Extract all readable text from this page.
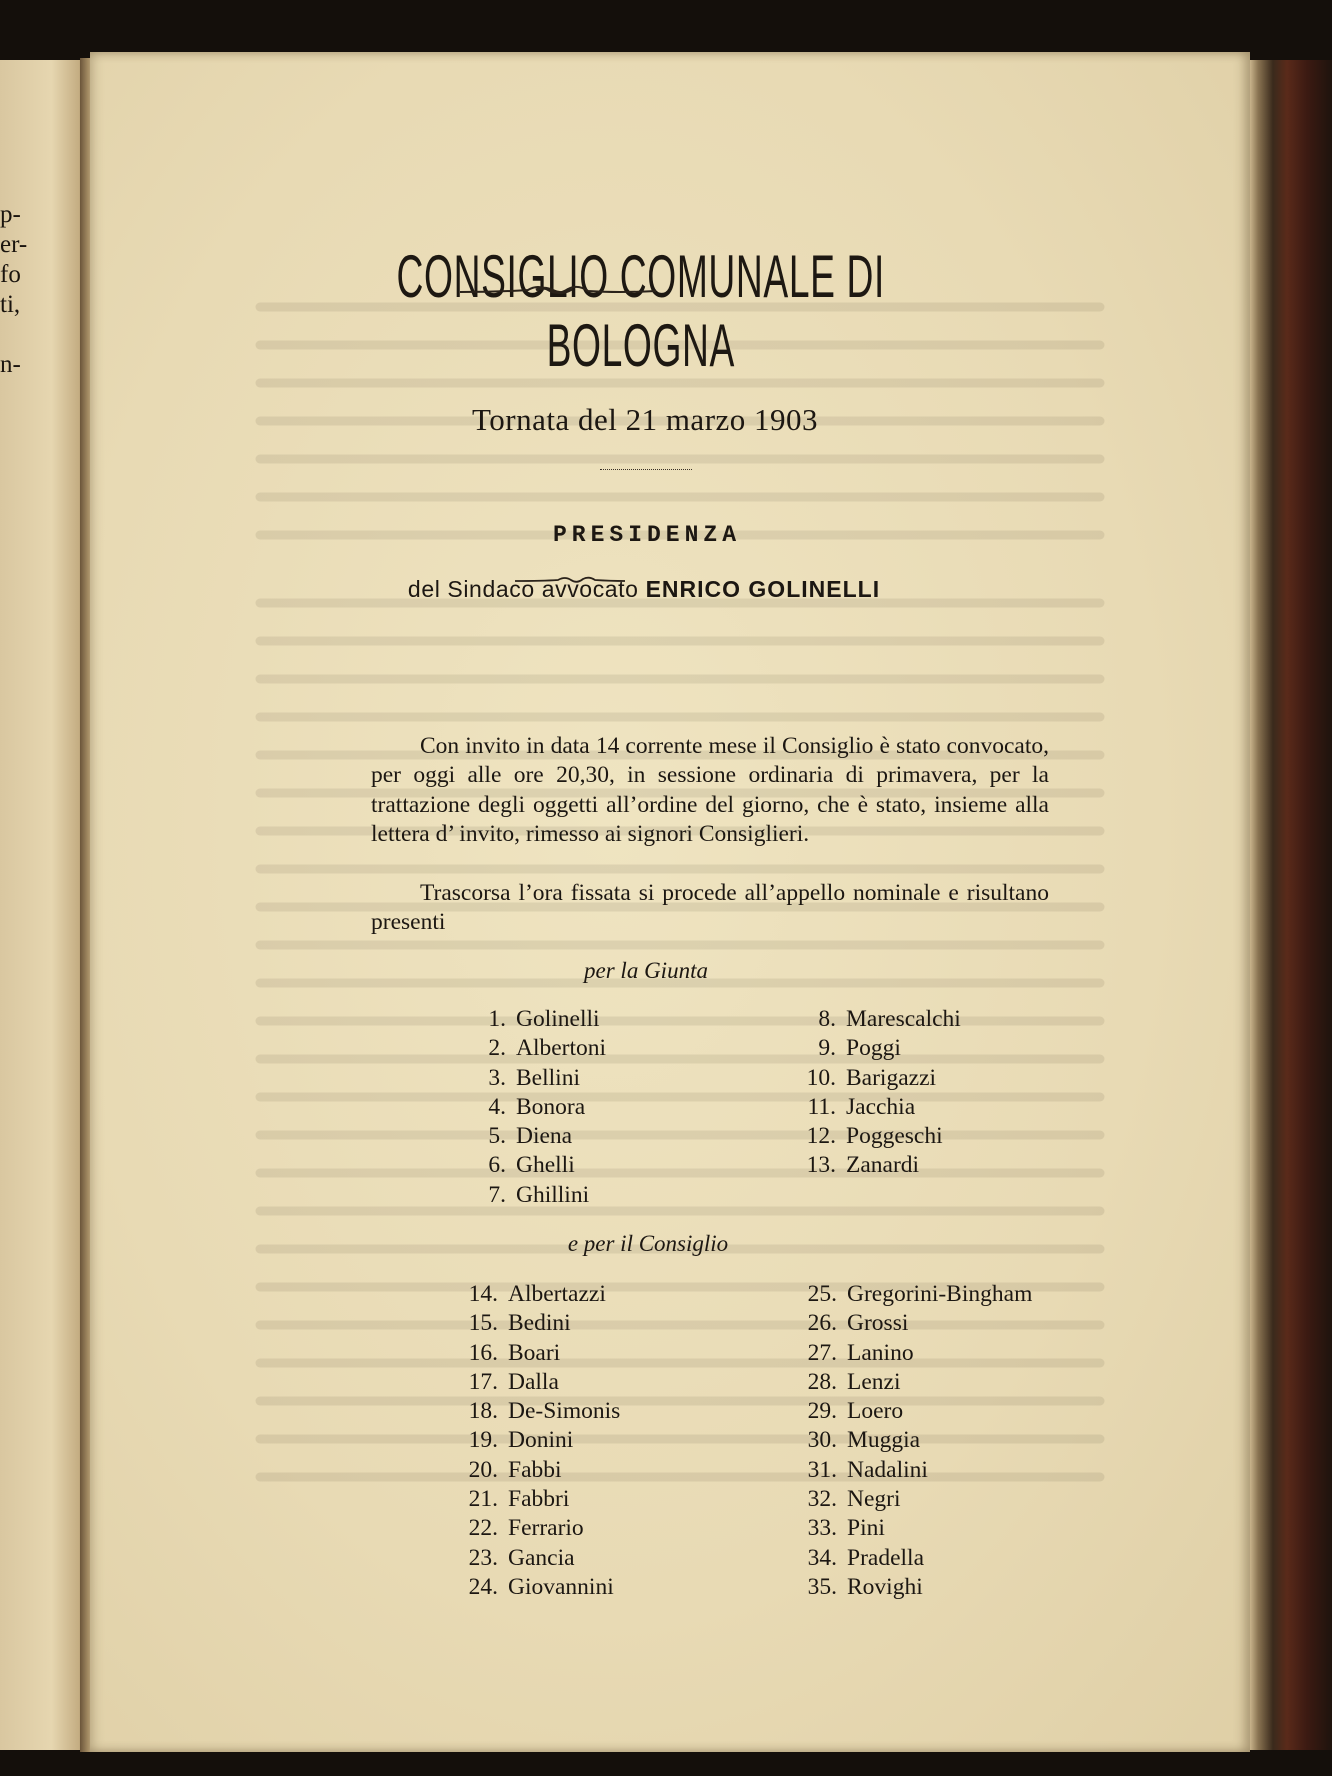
p-
er-
fo
ti,
n-
CONSIGLIO COMUNALE DI BOLOGNA
Tornata del 21 marzo 1903
PRESIDENZA
del Sindaco avvocato ENRICO GOLINELLI
Con invito in data 14 corrente mese il Consiglio è stato convocato, per oggi alle ore 20,30, in sessione ordinaria di primavera, per la trattazione degli oggetti all’ordine del giorno, che è stato, insieme alla lettera d’ invito, rimesso ai signori Consiglieri.
Trascorsa l’ora fissata si procede all’appello nominale e risultano presenti
per la Giunta
1. Golinelli
2. Albertoni
3. Bellini
4. Bonora
5. Diena
6. Ghelli
7. Ghillini
8. Marescalchi
9. Poggi
10. Barigazzi
11. Jacchia
12. Poggeschi
13. Zanardi
e per il Consiglio
14. Albertazzi
15. Bedini
16. Boari
17. Dalla
18. De-Simonis
19. Donini
20. Fabbi
21. Fabbri
22. Ferrario
23. Gancia
24. Giovannini
25. Gregorini-Bingham
26. Grossi
27. Lanino
28. Lenzi
29. Loero
30. Muggia
31. Nadalini
32. Negri
33. Pini
34. Pradella
35. Rovighi
